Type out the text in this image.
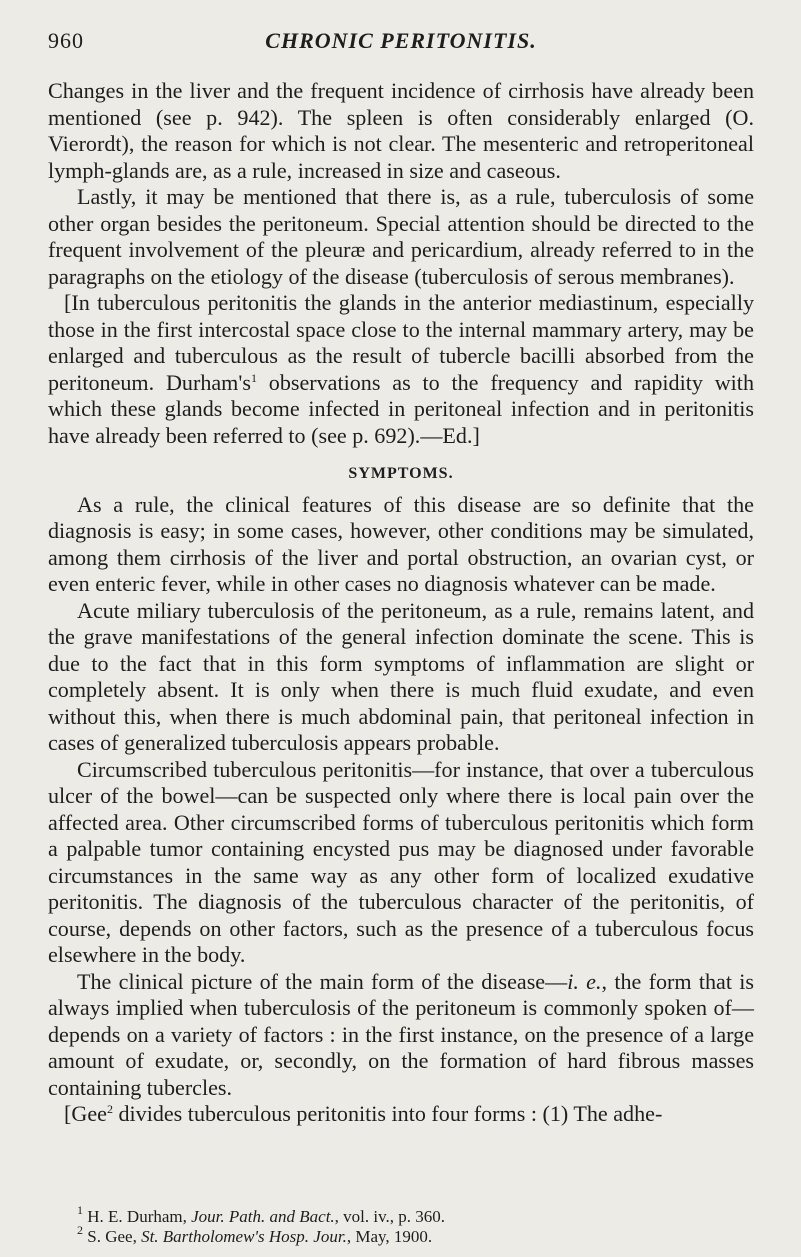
960	CHRONIC PERITONITIS.

Changes in the liver and the frequent incidence of cirrhosis have already been mentioned (see p. 942). The spleen is often considerably enlarged (O. Vierordt), the reason for which is not clear. The mesenteric and retroperitoneal lymph-glands are, as a rule, increased in size and caseous.

Lastly, it may be mentioned that there is, as a rule, tuberculosis of some other organ besides the peritoneum. Special attention should be directed to the frequent involvement of the pleuræ and pericardium, already referred to in the paragraphs on the etiology of the disease (tuberculosis of serous membranes).

[In tuberculous peritonitis the glands in the anterior mediastinum, especially those in the first intercostal space close to the internal mammary artery, may be enlarged and tuberculous as the result of tubercle bacilli absorbed from the peritoneum. $Durham's^1$ observations as to the frequency and rapidity with which these glands become infected in peritoneal infection and in peritonitis have already been referred to (see p. 692).—Ed.]

SYMPTOMS.

As a rule, the clinical features of this disease are so definite that the diagnosis is easy; in some cases, however, other conditions may be simulated, among them cirrhosis of the liver and portal obstruction, an ovarian cyst, or even enteric fever, while in other cases no diagnosis whatever can be made.

Acute miliary tuberculosis of the peritoneum, as a rule, remains latent, and the grave manifestations of the general infection dominate the scene. This is due to the fact that in this form symptoms of inflammation are slight or completely absent. It is only when there is much fluid exudate, and even without this, when there is much abdominal pain, that peritoneal infection in cases of generalized tuberculosis appears probable.

Circumscribed tuberculous peritonitis—for instance, that over a tuberculous ulcer of the bowel—can be suspected only where there is local pain over the affected area. Other circumscribed forms of tuberculous peritonitis which form a palpable tumor containing encysted pus may be diagnosed under favorable circumstances in the same way as any other form of localized exudative peritonitis. The diagnosis of the tuberculous character of the peritonitis, of course, depends on other factors, such as the presence of a tuberculous focus elsewhere in the body.

The clinical picture of the main form of the disease—i. e., the form that is always implied when tuberculosis of the peritoneum is commonly spoken of—depends on a variety of factors : in the first instance, on the presence of a large amount of exudate, or, secondly, on the formation of hard fibrous masses containing tubercles.

[Gee$^2$ divides tuberculous peritonitis into four forms : (1) The adhe-

$^1$ H. E. Durham, Jour. Path. and Bact., vol. iv., p. 360.
$^2$ S. Gee, St. Bartholomew's Hosp. Jour., May, 1900.
